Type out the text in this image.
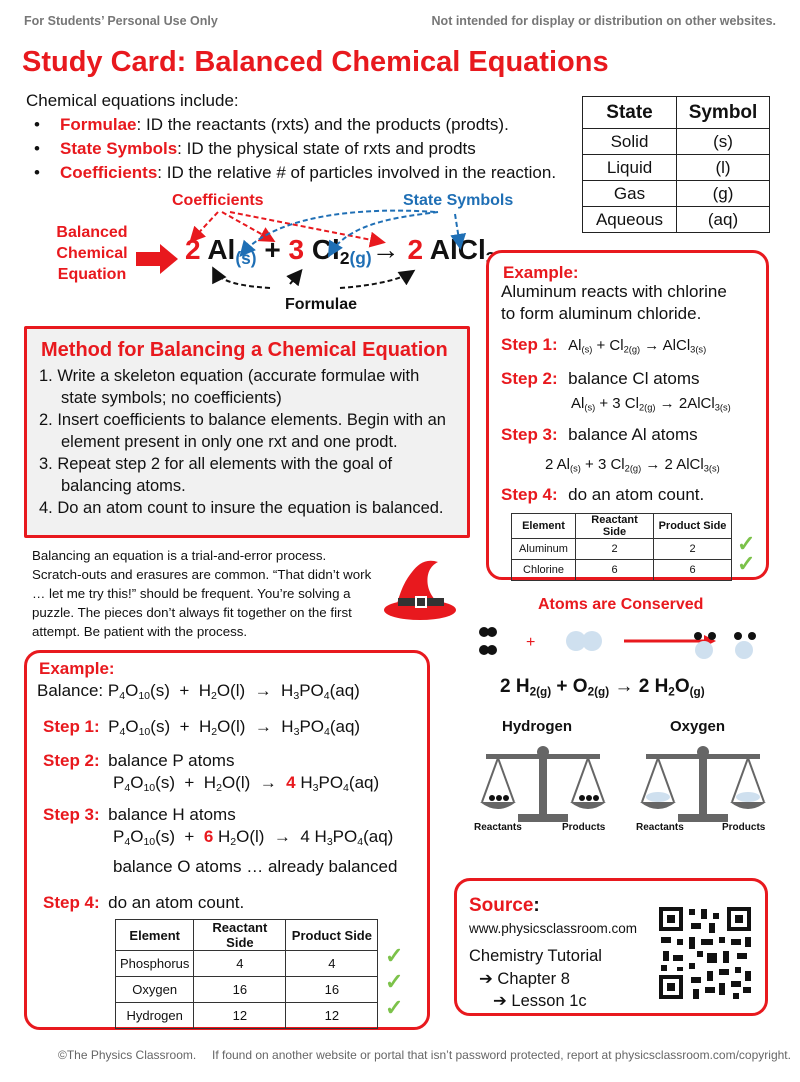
For Students’ Personal Use Only	Not intended for display or distribution on other websites.
Study Card: Balanced Chemical Equations
Chemical equations include:
• Formulae: ID the reactants (rxts) and the products (prodts).
• State Symbols: ID the physical state of rxts and prodts
• Coefficients: ID the relative # of particles involved in the reaction.
State	Symbol
Solid	(s)
Liquid	(l)
Gas	(g)
Aqueous	(aq)
Coefficients	State Symbols
Balanced
Chemical
Equation
2 $Al_{(s)} + 3$ $Cl_{2(g)}\to 2$ AlCl
Formulae
Method for Balancing a Chemical Equation
1. Write a skeleton equation (accurate formulae with state symbols; no coefficients)
2. Insert coefficients to balance elements. Begin with an element present in only one rxt and one prodt.
3. Repeat step 2 for all elements with the goal of balancing atoms.
4. Do an atom count to insure the equation is balanced.
Balancing an equation is a trial-and-error process. Scratch-outs and erasures are common. “That didn’t work … let me try this!” should be frequent. You’re solving a puzzle. The pieces don’t always fit together on the first attempt. Be patient with the process.
Example:
Aluminum reacts with chlorine
to form aluminum chloride.
Step 1: $Al_{(s)} + Cl_{2(g)}$ → AlCl$_{3(s)}$
Step 2: balance Cl atoms
$Al_{(s)} + 3$ $Cl_{2(g)}$ → 2AlCl$_{3(s)}$
Step 3: balance Al atoms
2 $Al_{(s)} + 3$ $Cl_{2(g)} \to 2$ AlCl$_{3(s)}$
Step 4: do an atom count.
Element	Reactant Side	Product Side
Aluminum	2	2
Chlorine	6	6
✓
✓
Atoms are Conserved
+
2 $H_{2(g)} + O_{2(g)} \to 2$ $H_2O_{(g)}$
Hydrogen	Oxygen
Reactants	Products	Reactants	Products
Example:
Balance: $P_4O_{10}(s) + H_2O(l) \to H_3PO_4(aq)$
Step 1: $P_4O_{10}(s) + H_2O(l) \to H_3PO_4(aq)$
Step 2: balance P atoms
$P_4O_{10}(s) + H_2O(l) \to 4$ $H_3PO_4(aq)$
Step 3: balance H atoms
$P_4O_{10}(s) + 6$ $H_2O(l) \to 4$ $H_3PO_4(aq)$
balance O atoms … already balanced
Step 4: do an atom count.
Element	Reactant Side	Product Side
Phosphorus	4	4
Oxygen	16	16
Hydrogen	12	12
✓
✓
✓
Source:
www.physicsclassroom.com
Chemistry Tutorial
➔ Chapter 8
➔ Lesson 1c
©The Physics Classroom. If found on another website or portal that isn’t password protected, report at physicsclassroom.com/copyright.
